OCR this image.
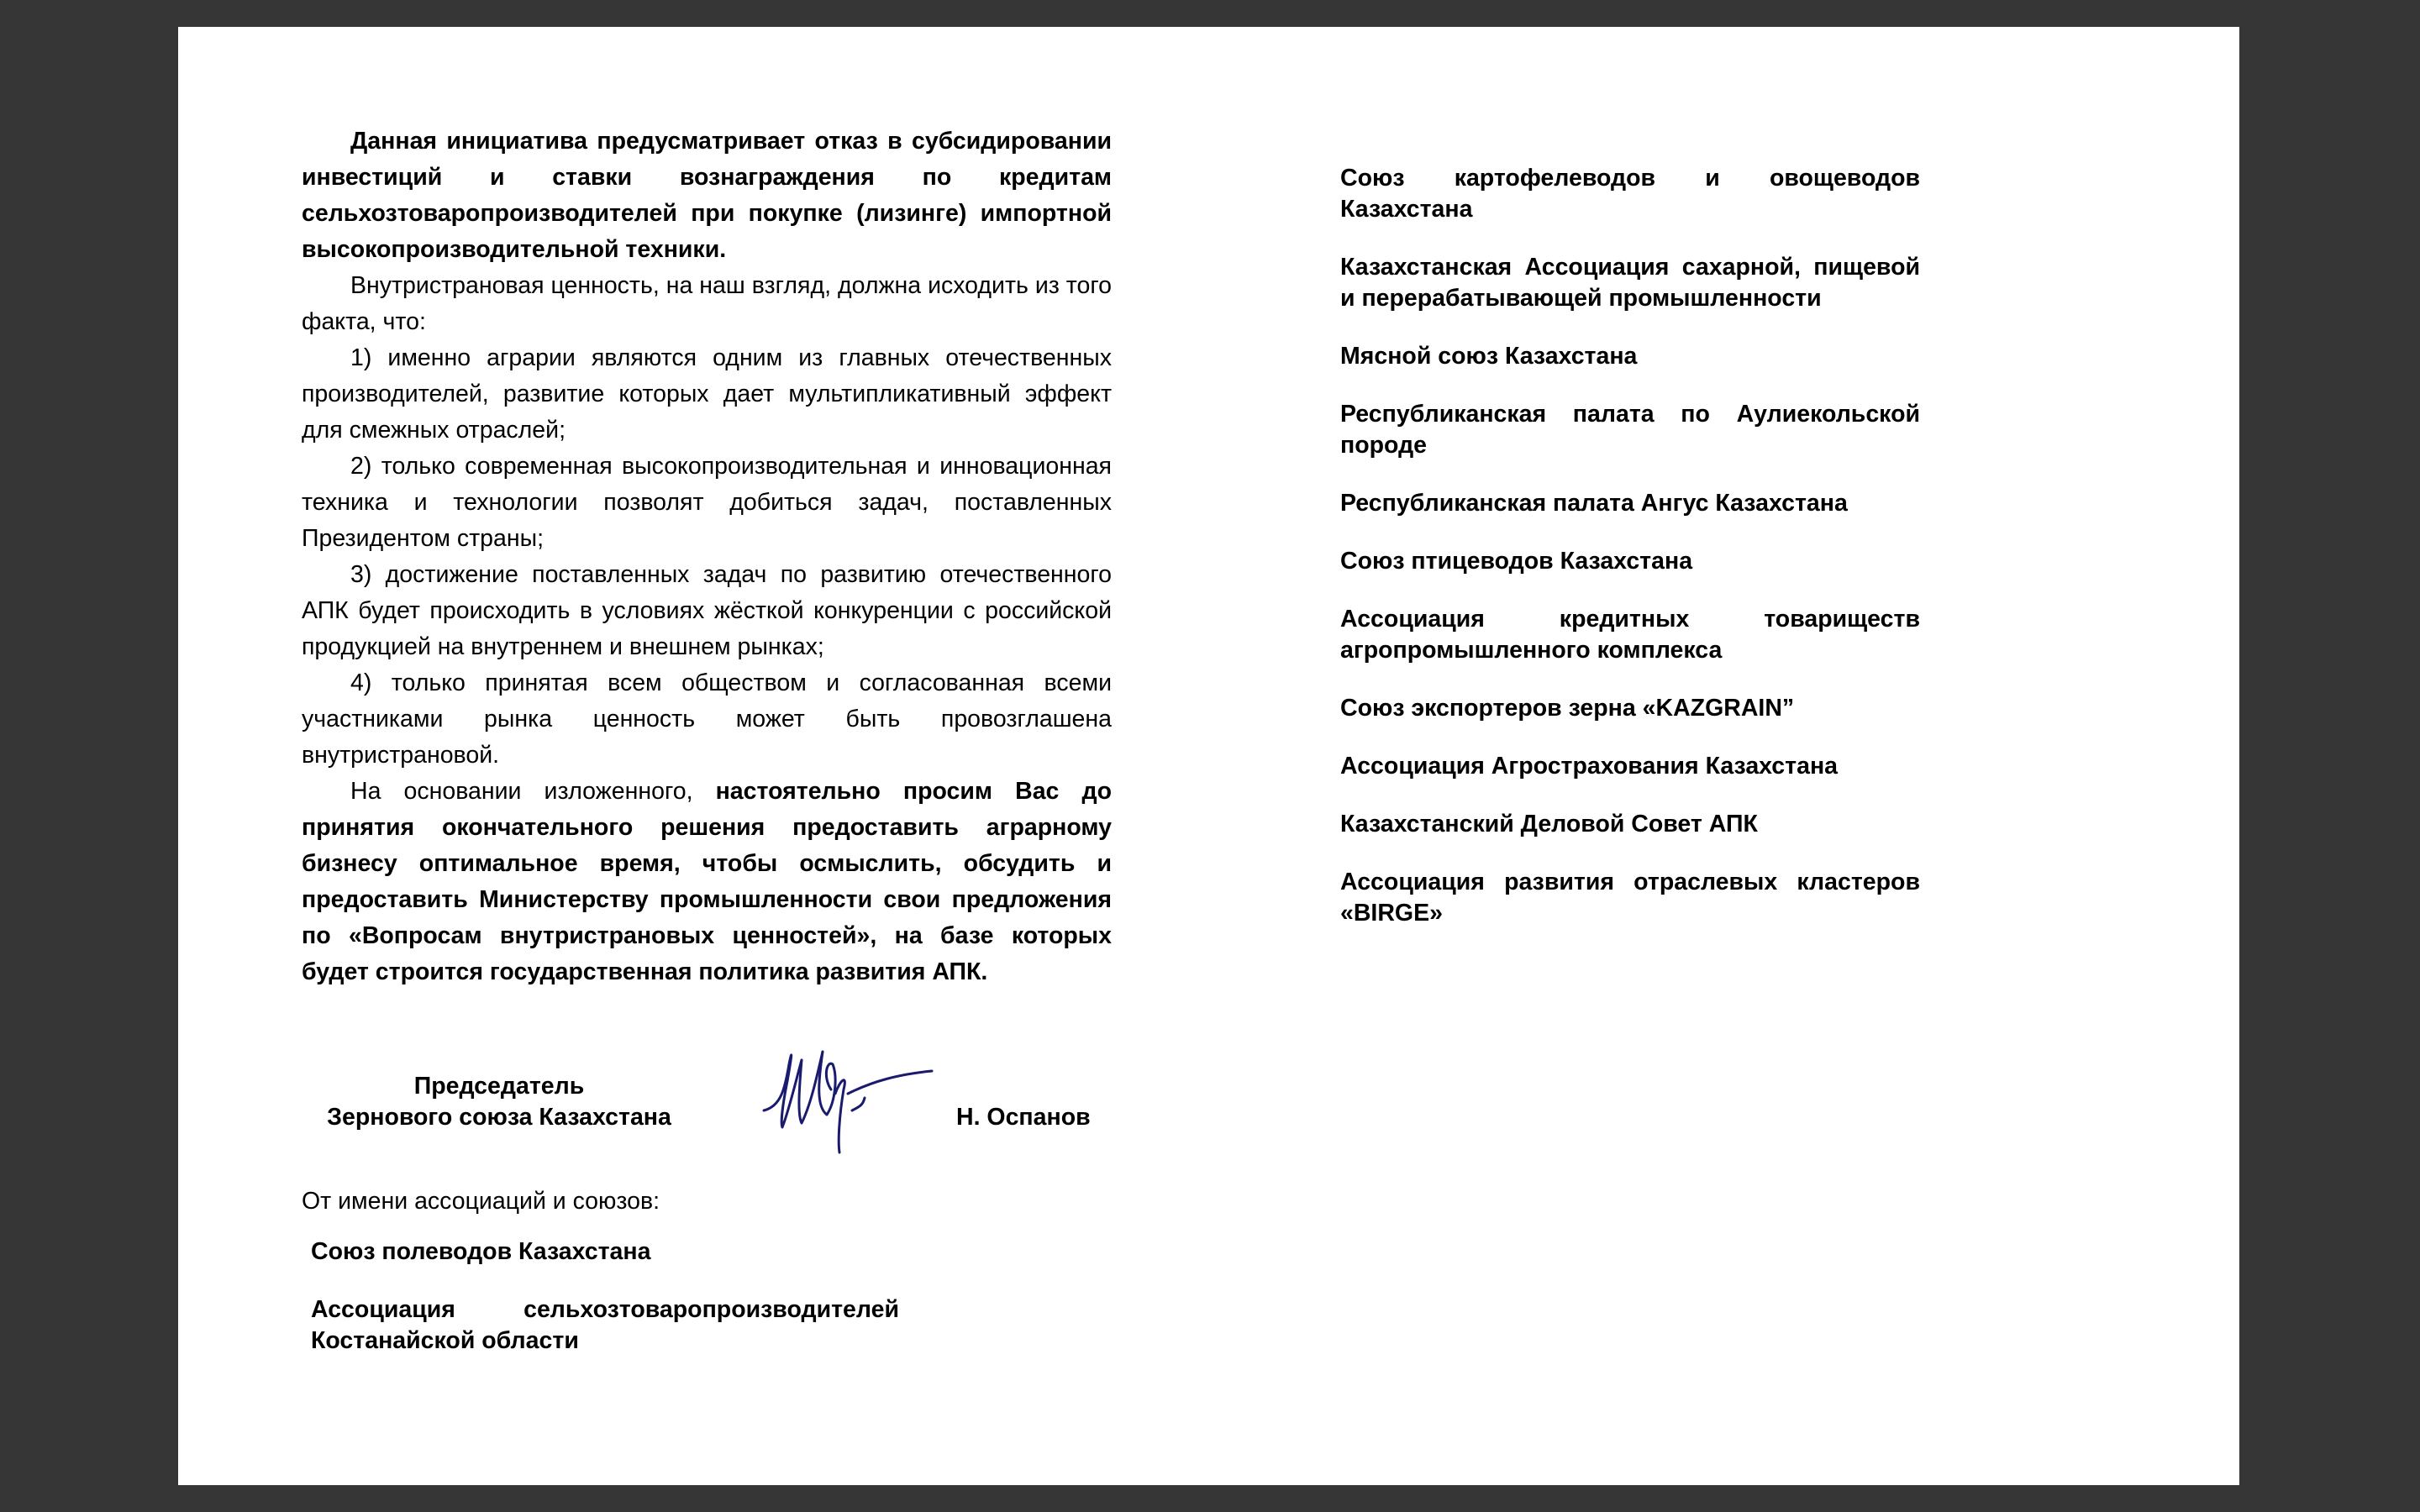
Данная инициатива предусматривает отказ в субсидировании инвестиций и ставки вознаграждения по кредитам сельхозтоваропроизводителей при покупке (лизинге) импортной высокопроизводительной техники.

Внутристрановая ценность, на наш взгляд, должна исходить из того факта, что:

1) именно аграрии являются одним из главных отечественных производителей, развитие которых дает мультипликативный эффект для смежных отраслей;

2) только современная высокопроизводительная и инновационная техника и технологии позволят добиться задач, поставленных Президентом страны;

3) достижение поставленных задач по развитию отечественного АПК будет происходить в условиях жёсткой конкуренции с российской продукцией на внутреннем и внешнем рынках;

4) только принятая всем обществом и согласованная всеми участниками рынка ценность может быть провозглашена внутристрановой.

На основании изложенного, настоятельно просим Вас до принятия окончательного решения предоставить аграрному бизнесу оптимальное время, чтобы осмыслить, обсудить и предоставить Министерству промышленности свои предложения по «Вопросам внутристрановых ценностей», на базе которых будет строится государственная политика развития АПК.

Председатель
Зернового союза Казахстана	Н. Оспанов
От имени ассоциаций и союзов:
Союз полеводов Казахстана
Ассоциация сельхозтоваропроизводителей Костанайской области
Союз картофелеводов и овощеводов Казахстана
Казахстанская Ассоциация сахарной, пищевой и перерабатывающей промышленности
Мясной союз Казахстана
Республиканская палата по Аулиекольской породе
Республиканская палата Ангус Казахстана
Союз птицеводов Казахстана
Ассоциация кредитных товариществ агропромышленного комплекса
Союз экспортеров зерна «KAZGRAIN”
Ассоциация Агрострахования Казахстана
Казахстанский Деловой Совет АПК
Ассоциация развития отраслевых кластеров «BIRGE»
